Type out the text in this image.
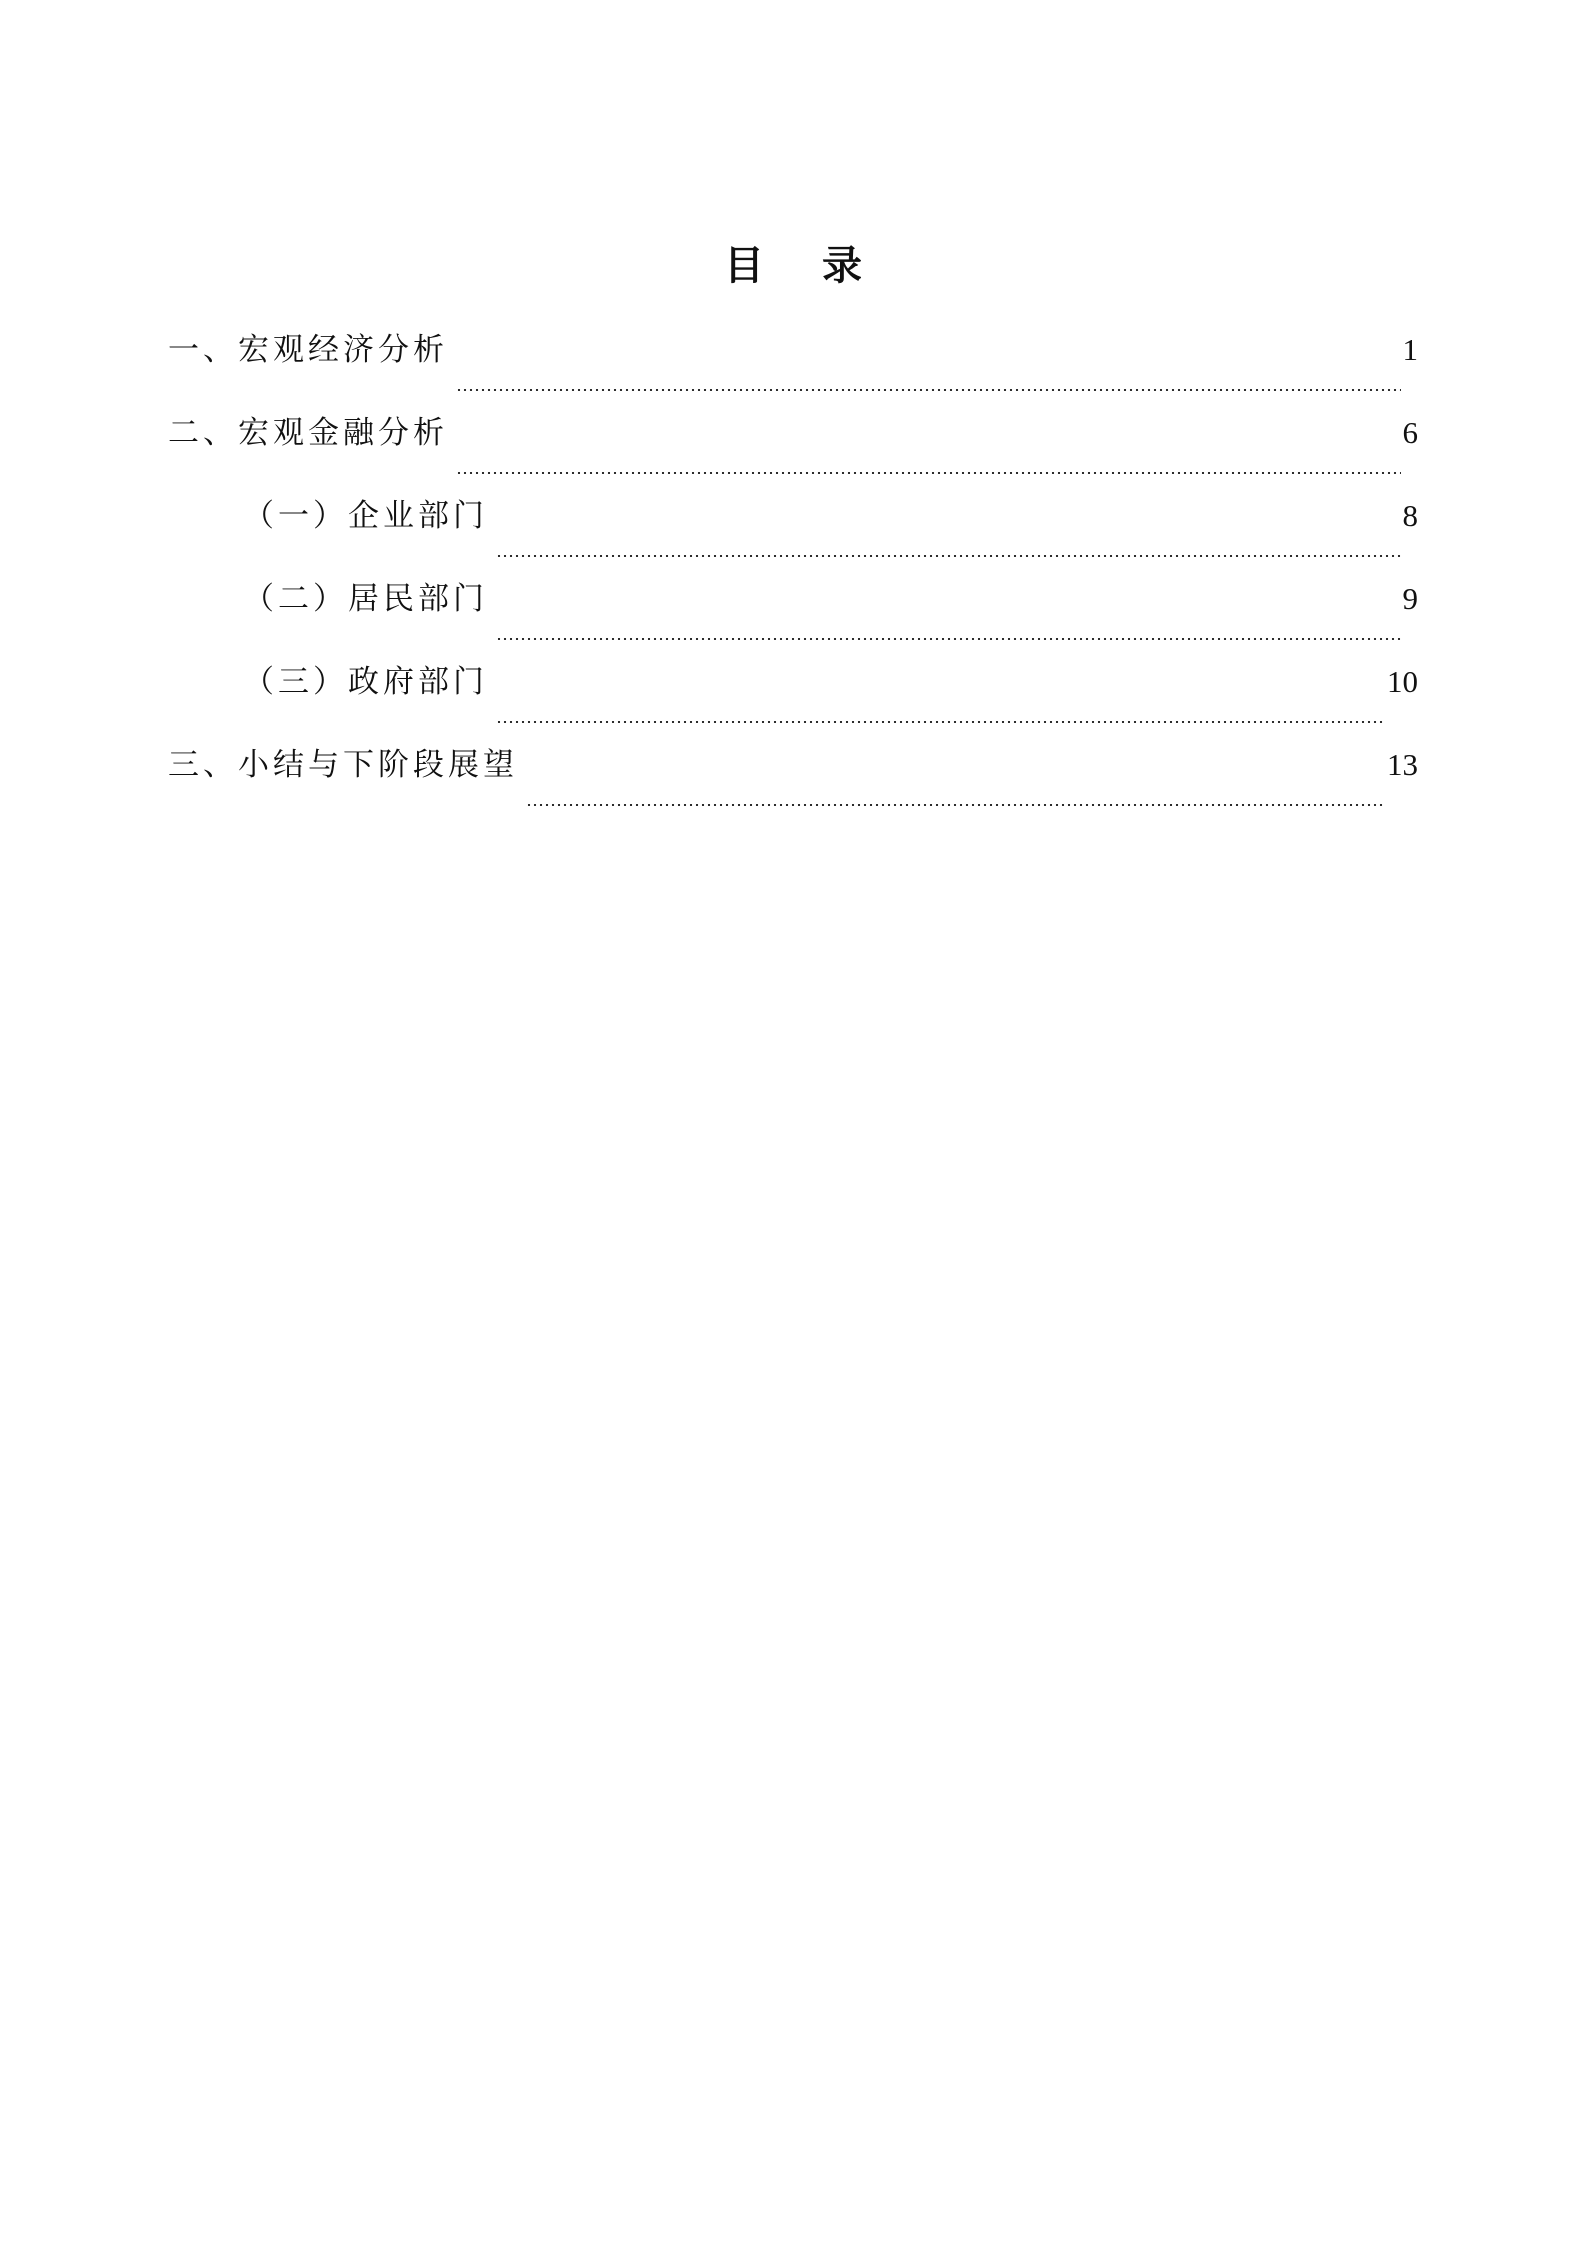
目 录
一、宏观经济分析	1
二、宏观金融分析	6
（一）企业部门	8
（二）居民部门	9
（三）政府部门	10
三、小结与下阶段展望	13
